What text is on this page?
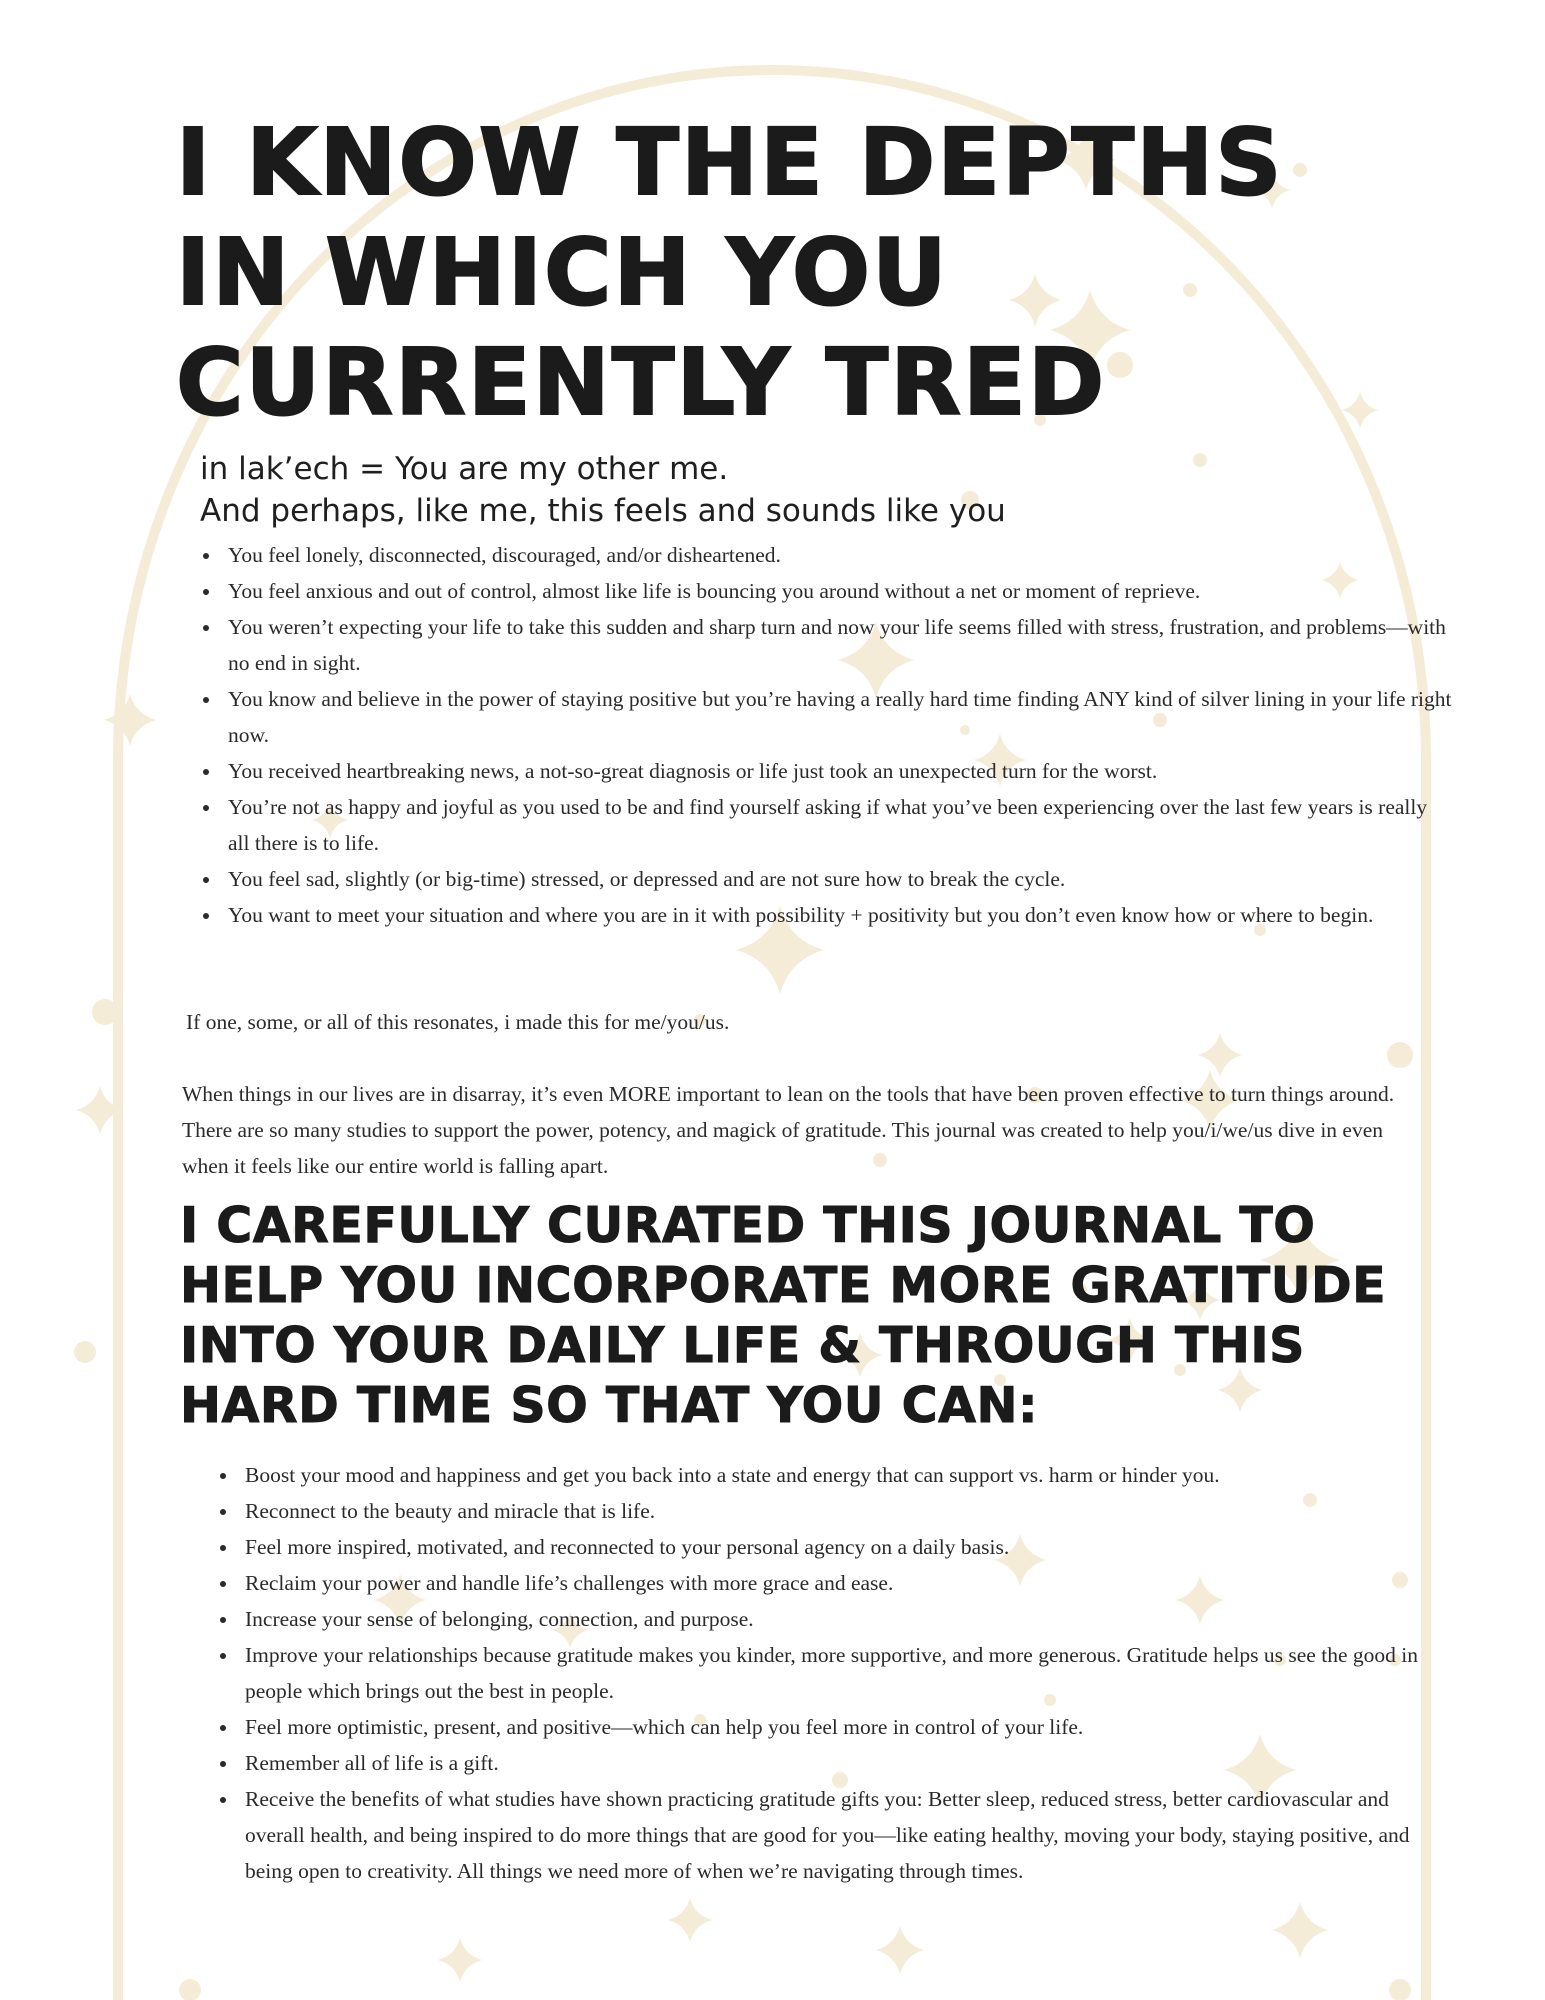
I KNOW THE DEPTHS
IN WHICH YOU
CURRENTLY TRED
in lak’ech = You are my other me.
And perhaps, like me, this feels and sounds like you
• You feel lonely, disconnected, discouraged, and/or disheartened.
• You feel anxious and out of control, almost like life is bouncing you around without a net or moment of reprieve.
• You weren’t expecting your life to take this sudden and sharp turn and now your life seems filled with stress, frustration, and problems—with no end in sight.
• You know and believe in the power of staying positive but you’re having a really hard time finding ANY kind of silver lining in your life right now.
• You received heartbreaking news, a not-so-great diagnosis or life just took an unexpected turn for the worst.
• You’re not as happy and joyful as you used to be and find yourself asking if what you’ve been experiencing over the last few years is really all there is to life.
• You feel sad, slightly (or big-time) stressed, or depressed and are not sure how to break the cycle.
• You want to meet your situation and where you are in it with possibility + positivity but you don’t even know how or where to begin.

If one, some, or all of this resonates, i made this for me/you/us.

When things in our lives are in disarray, it’s even MORE important to lean on the tools that have been proven effective to turn things around. There are so many studies to support the power, potency, and magick of gratitude. This journal was created to help you/i/we/us dive in even when it feels like our entire world is falling apart.

I CAREFULLY CURATED THIS JOURNAL TO
HELP YOU INCORPORATE MORE GRATITUDE
INTO YOUR DAILY LIFE & THROUGH THIS
HARD TIME SO THAT YOU CAN:
• Boost your mood and happiness and get you back into a state and energy that can support vs. harm or hinder you.
• Reconnect to the beauty and miracle that is life.
• Feel more inspired, motivated, and reconnected to your personal agency on a daily basis.
• Reclaim your power and handle life’s challenges with more grace and ease.
• Increase your sense of belonging, connection, and purpose.
• Improve your relationships because gratitude makes you kinder, more supportive, and more generous. Gratitude helps us see the good in people which brings out the best in people.
• Feel more optimistic, present, and positive—which can help you feel more in control of your life.
• Remember all of life is a gift.
• Receive the benefits of what studies have shown practicing gratitude gifts you: Better sleep, reduced stress, better cardiovascular and overall health, and being inspired to do more things that are good for you—like eating healthy, moving your body, staying positive, and being open to creativity. All things we need more of when we’re navigating through times.
